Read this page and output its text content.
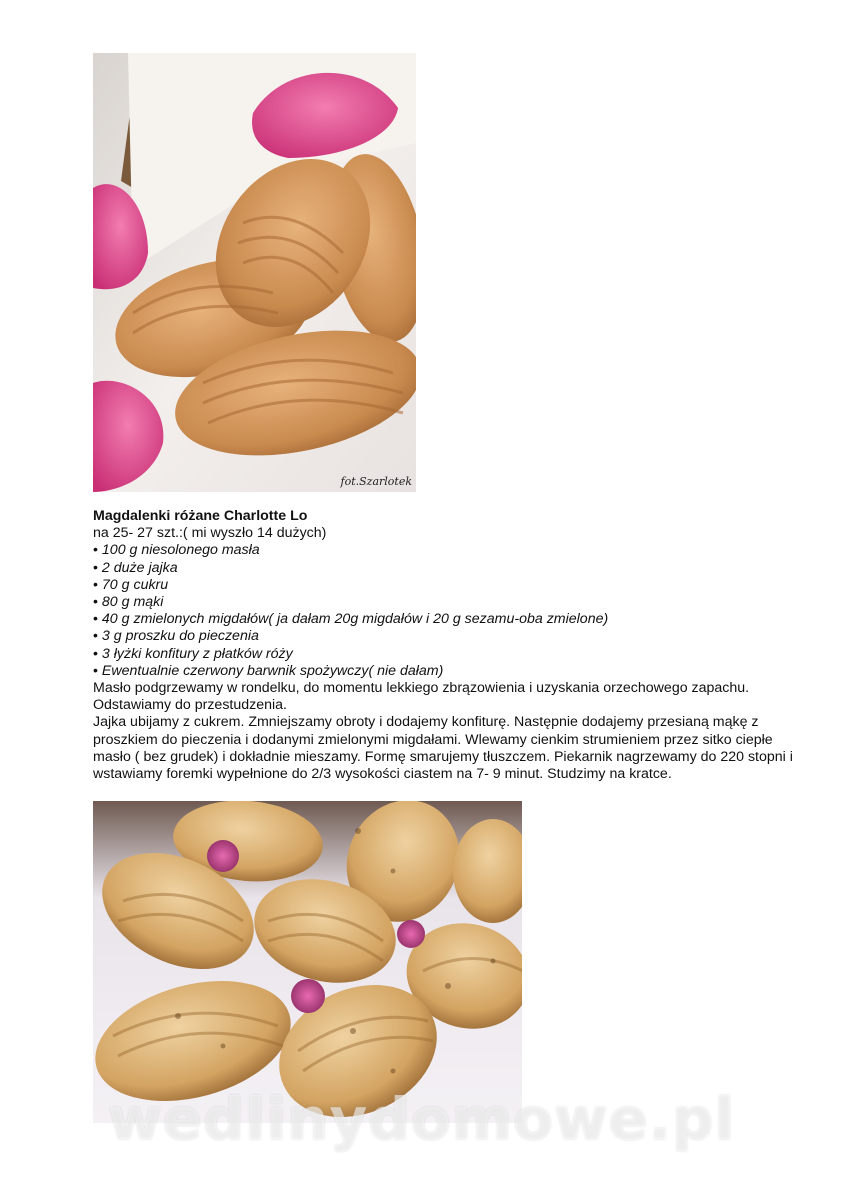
fot.Szarlotek
Magdalenki różane Charlotte Lo
na 25- 27 szt.:( mi wyszło 14 dużych)
• 100 g niesolonego masła
• 2 duże jajka
• 70 g cukru
• 80 g mąki
• 40 g zmielonych migdałów( ja dałam 20g migdałów i 20 g sezamu-oba zmielone)
• 3 g proszku do pieczenia
• 3 łyżki konfitury z płatków róży
• Ewentualnie czerwony barwnik spożywczy( nie dałam)

Masło podgrzewamy w rondelku, do momentu lekkiego zbrązowienia i uzyskania orzechowego zapachu. Odstawiamy do przestudzenia.

Jajka ubijamy z cukrem. Zmniejszamy obroty i dodajemy konfiturę. Następnie dodajemy przesianą mąkę z proszkiem do pieczenia i dodanymi zmielonymi migdałami. Wlewamy cienkim strumieniem przez sitko ciepłe masło ( bez grudek) i dokładnie mieszamy. Formę smarujemy tłuszczem. Piekarnik nagrzewamy do 220 stopni i wstawiamy foremki wypełnione do 2/3 wysokości ciastem na 7- 9 minut. Studzimy na kratce.

wedlinydomowe.pl
